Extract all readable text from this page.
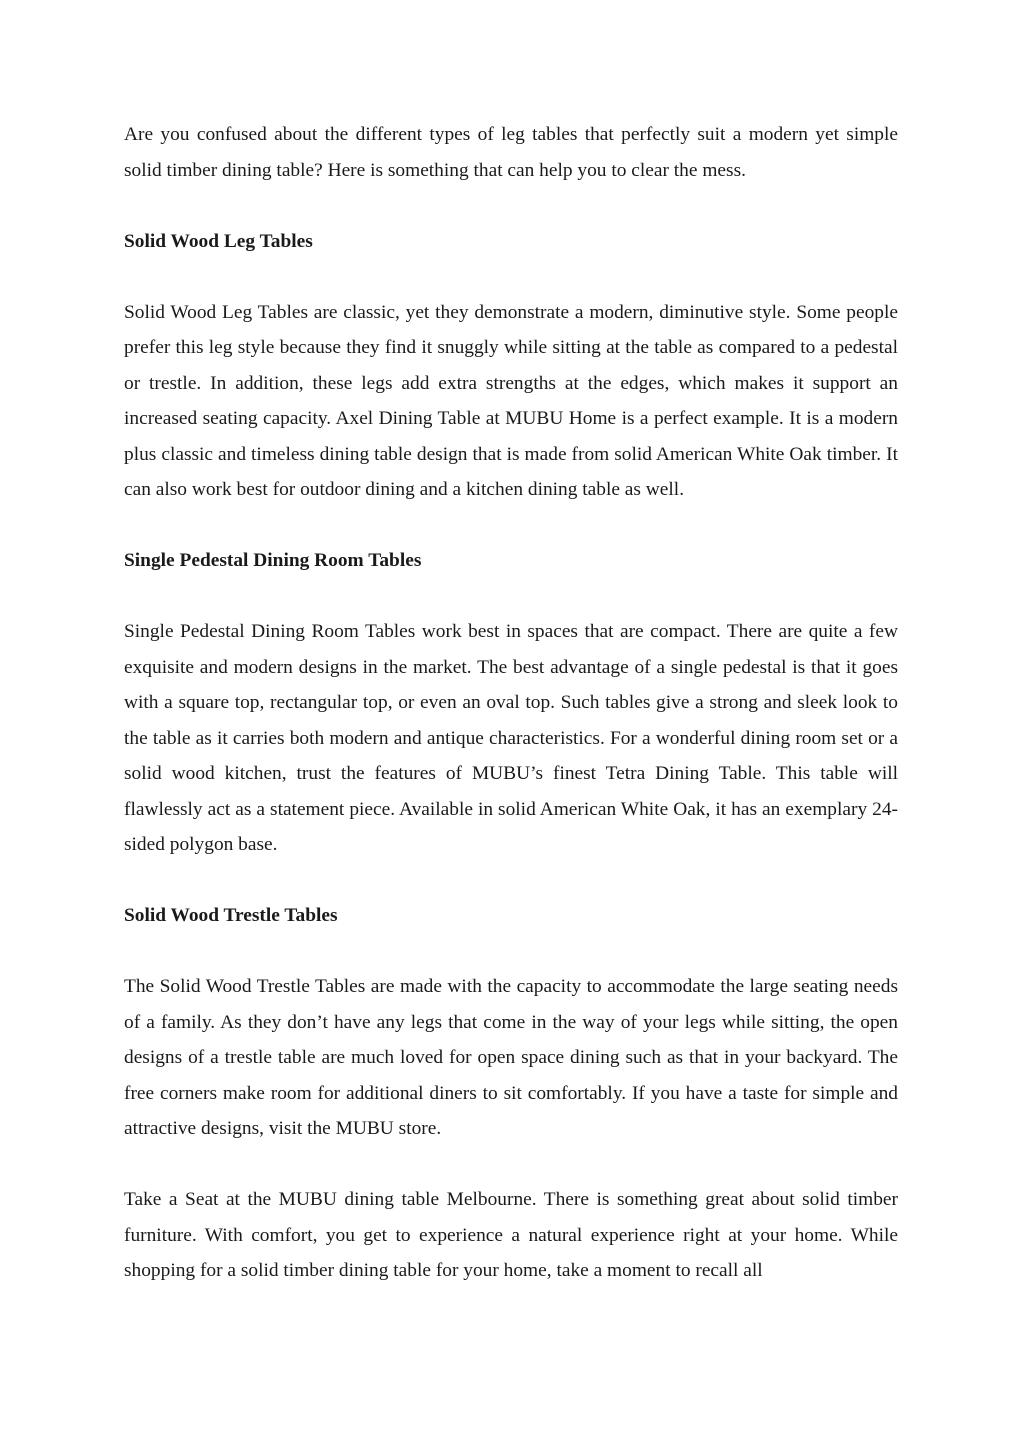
Are you confused about the different types of leg tables that perfectly suit a modern yet simple solid timber dining table? Here is something that can help you to clear the mess.

Solid Wood Leg Tables

Solid Wood Leg Tables are classic, yet they demonstrate a modern, diminutive style. Some people prefer this leg style because they find it snuggly while sitting at the table as compared to a pedestal or trestle. In addition, these legs add extra strengths at the edges, which makes it support an increased seating capacity. Axel Dining Table at MUBU Home is a perfect example. It is a modern plus classic and timeless dining table design that is made from solid American White Oak timber. It can also work best for outdoor dining and a kitchen dining table as well.

Single Pedestal Dining Room Tables

Single Pedestal Dining Room Tables work best in spaces that are compact. There are quite a few exquisite and modern designs in the market. The best advantage of a single pedestal is that it goes with a square top, rectangular top, or even an oval top. Such tables give a strong and sleek look to the table as it carries both modern and antique characteristics. For a wonderful dining room set or a solid wood kitchen, trust the features of MUBU’s finest Tetra Dining Table. This table will flawlessly act as a statement piece. Available in solid American White Oak, it has an exemplary 24-sided polygon base.

Solid Wood Trestle Tables

The Solid Wood Trestle Tables are made with the capacity to accommodate the large seating needs of a family. As they don’t have any legs that come in the way of your legs while sitting, the open designs of a trestle table are much loved for open space dining such as that in your backyard. The free corners make room for additional diners to sit comfortably. If you have a taste for simple and attractive designs, visit the MUBU store.

Take a Seat at the MUBU dining table Melbourne. There is something great about solid timber furniture. With comfort, you get to experience a natural experience right at your home. While shopping for a solid timber dining table for your home, take a moment to recall all
